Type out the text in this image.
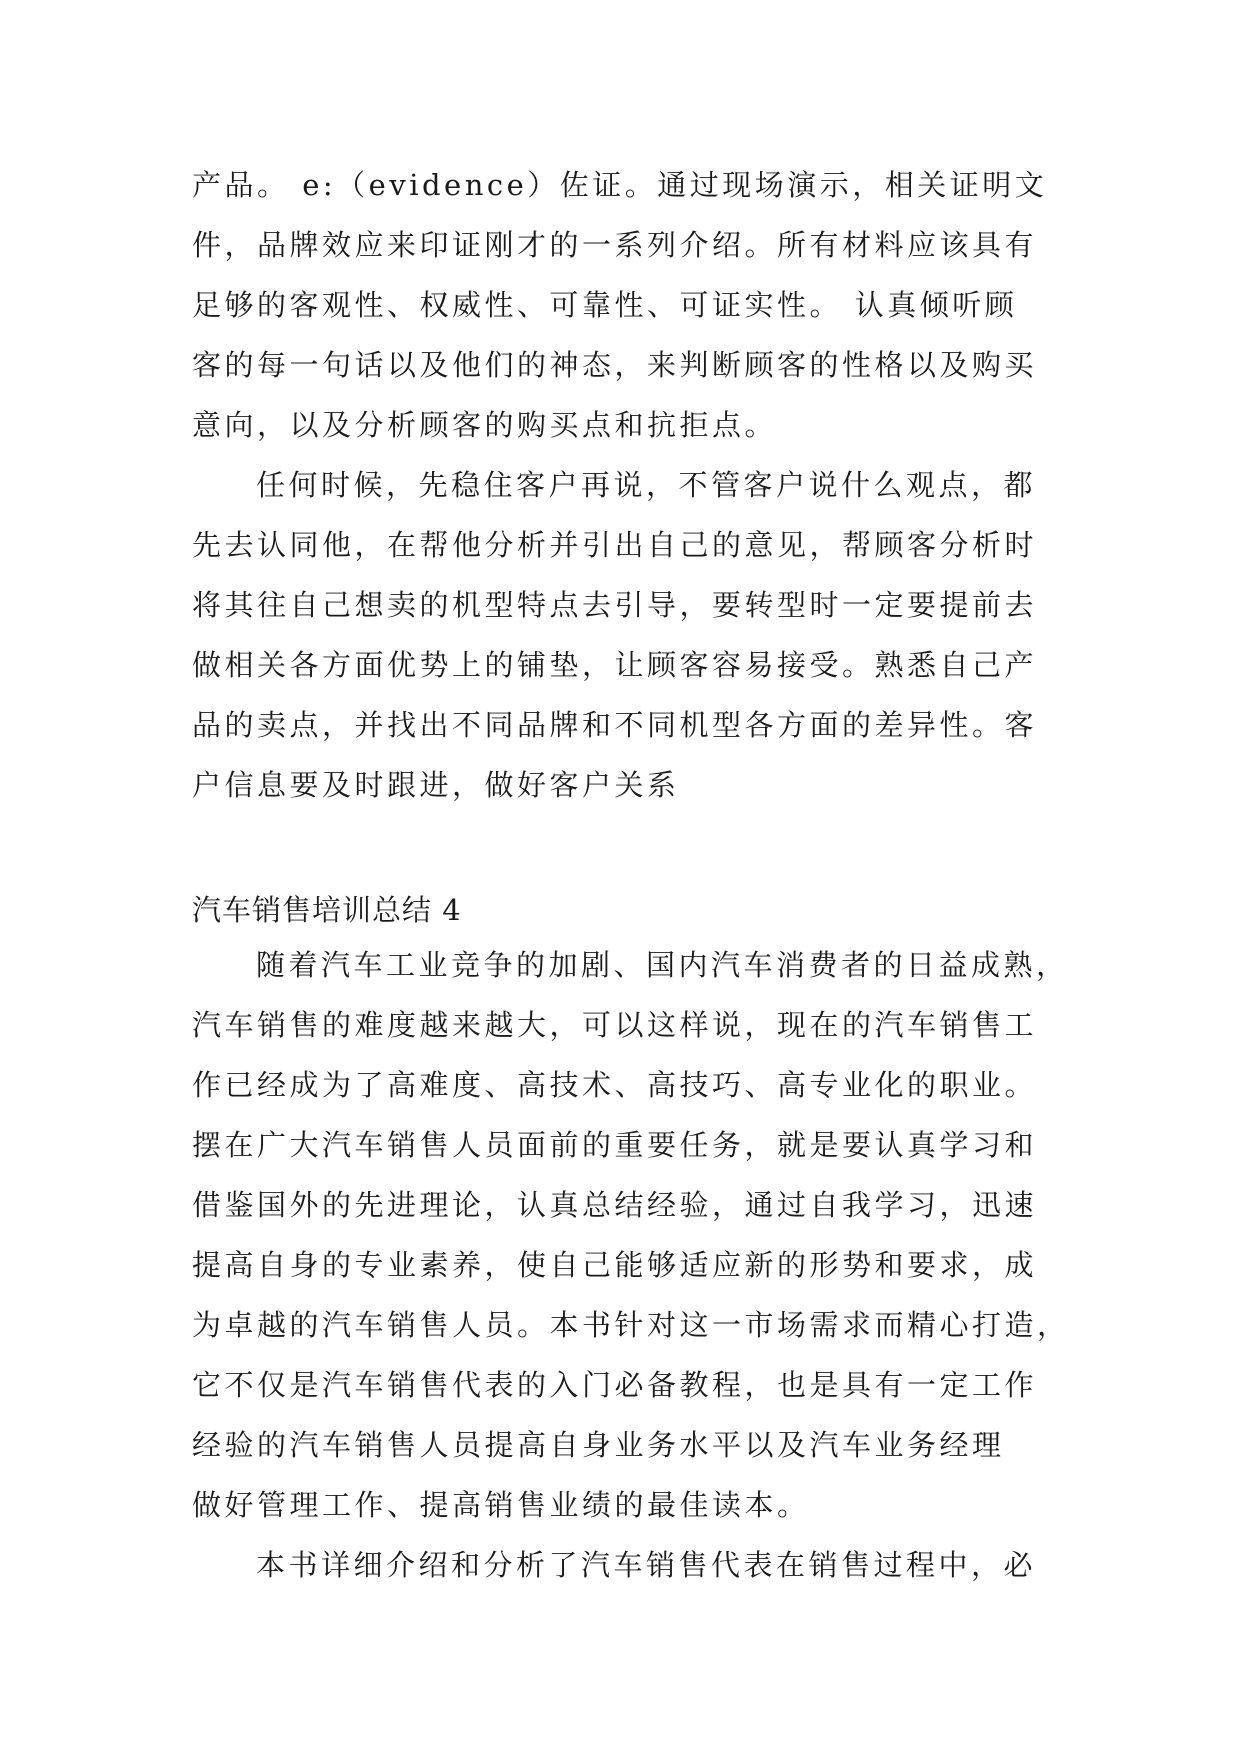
产品。 e:（evidence）佐证。通过现场演示，相关证明文
件，品牌效应来印证刚才的一系列介绍。所有材料应该具有
足够的客观性、权威性、可靠性、可证实性。 认真倾听顾
客的每一句话以及他们的神态，来判断顾客的性格以及购买
意向，以及分析顾客的购买点和抗拒点。
任何时候，先稳住客户再说，不管客户说什么观点，都
先去认同他，在帮他分析并引出自己的意见，帮顾客分析时
将其往自己想卖的机型特点去引导，要转型时一定要提前去
做相关各方面优势上的铺垫，让顾客容易接受。熟悉自己产
品的卖点，并找出不同品牌和不同机型各方面的差异性。客
户信息要及时跟进，做好客户关系
汽车销售培训总结 4
随着汽车工业竞争的加剧、国内汽车消费者的日益成熟，
汽车销售的难度越来越大，可以这样说，现在的汽车销售工
作已经成为了高难度、高技术、高技巧、高专业化的职业。
摆在广大汽车销售人员面前的重要任务，就是要认真学习和
借鉴国外的先进理论，认真总结经验，通过自我学习，迅速
提高自身的专业素养，使自己能够适应新的形势和要求，成
为卓越的汽车销售人员。本书针对这一市场需求而精心打造，
它不仅是汽车销售代表的入门必备教程，也是具有一定工作
经验的汽车销售人员提高自身业务水平以及汽车业务经理
做好管理工作、提高销售业绩的最佳读本。
本书详细介绍和分析了汽车销售代表在销售过程中，必
